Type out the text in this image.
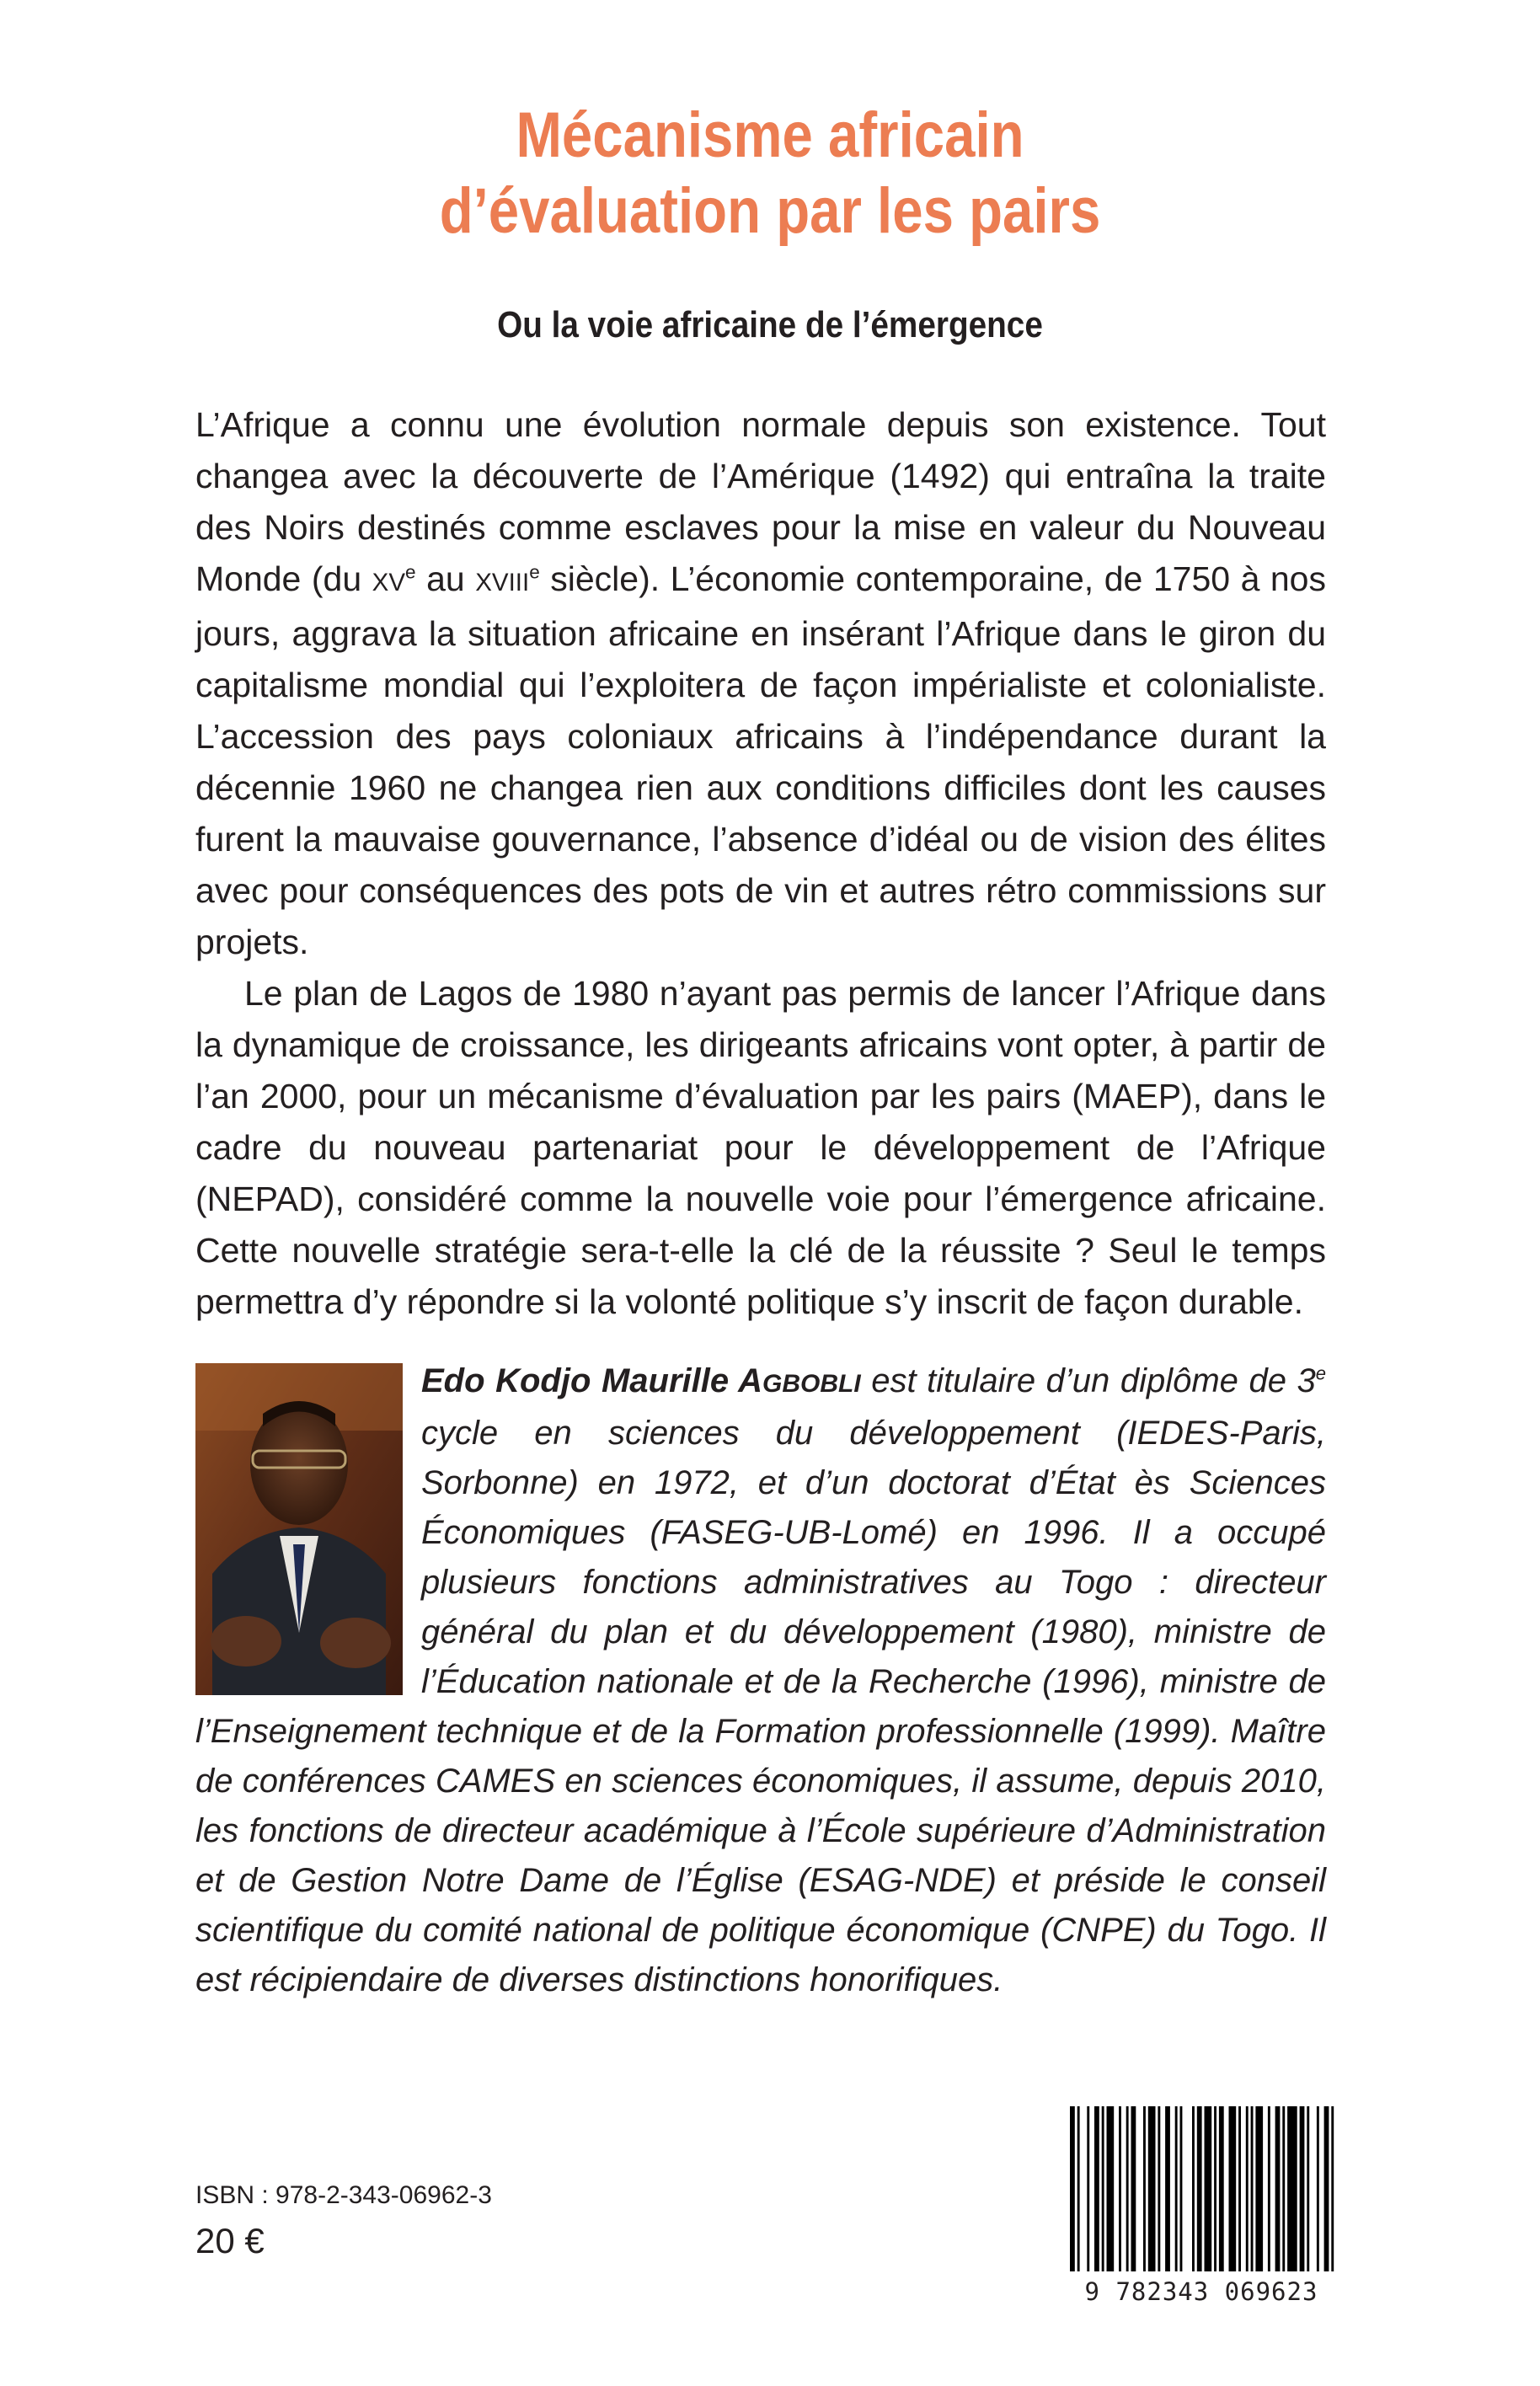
Mécanisme africain
d’évaluation par les pairs
Ou la voie africaine de l’émergence

L’Afrique a connu une évolution normale depuis son existence. Tout changea avec la découverte de l’Amérique (1492) qui entraîna la traite des Noirs destinés comme esclaves pour la mise en valeur du Nouveau Monde (du XVe au XVIIIe siècle). L’économie contemporaine, de 1750 à nos jours, aggrava la situation africaine en insérant l’Afrique dans le giron du capitalisme mondial qui l’exploitera de façon impérialiste et colonialiste. L’accession des pays coloniaux africains à l’indépendance durant la décennie 1960 ne changea rien aux conditions difficiles dont les causes furent la mauvaise gouvernance, l’absence d’idéal ou de vision des élites avec pour conséquences des pots de vin et autres rétro commissions sur projets.

Le plan de Lagos de 1980 n’ayant pas permis de lancer l’Afrique dans la dynamique de croissance, les dirigeants africains vont opter, à partir de l’an 2000, pour un mécanisme d’évaluation par les pairs (MAEP), dans le cadre du nouveau partenariat pour le développement de l’Afrique (NEPAD), considéré comme la nouvelle voie pour l’émergence africaine. Cette nouvelle stratégie sera-t-elle la clé de la réussite ? Seul le temps permettra d’y répondre si la volonté politique s’y inscrit de façon durable.

Edo Kodjo Maurille AGBOBLI est titulaire d’un diplôme de 3e cycle en sciences du développement (IEDES-Paris, Sorbonne) en 1972, et d’un doctorat d’État ès Sciences Économiques (FASEG-UB-Lomé) en 1996. Il a occupé plusieurs fonctions administratives au Togo : directeur général du plan et du développement (1980), ministre de l’Éducation nationale et de la Recherche (1996), ministre de l’Enseignement technique et de la Formation professionnelle (1999). Maître de conférences CAMES en sciences économiques, il assume, depuis 2010, les fonctions de directeur académique à l’École supérieure d’Administration et de Gestion Notre Dame de l’Église (ESAG-NDE) et préside le conseil scientifique du comité national de politique économique (CNPE) du Togo. Il est récipiendaire de diverses distinctions honorifiques.
ISBN : 978-2-343-06962-3
20 €
9 782343 069623
